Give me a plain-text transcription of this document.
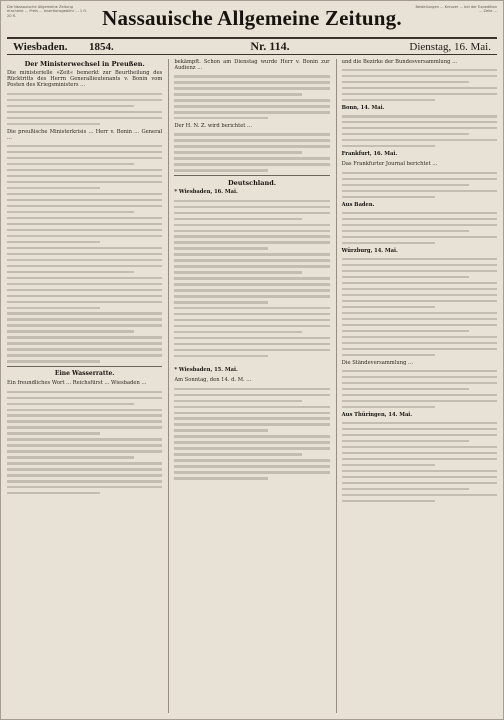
Die Nassauische Allgemeine Zeitung erscheint ... Preis ... Insertionsgebühr ... 1 fl. 20 fl.	Nassauische Allgemeine Zeitung.	Bestellungen ... Kreuzer ... bei der Expedition ... Zeile ...
Wiesbaden.	1854.	Nr. 114.	Dienstag, 16. Mai.
Der Ministerwechsel in Preußen.
Die ministerielle »Zeit« bemerkt zur Beurtheilung des Rücktritts des Herrn Generallieutenants v. Bonin vom Posten des Kriegsministers ...
Die preußische Ministerkrisis ... Herr v. Bonin ... General ...
Eine Wasserratte.
Ein freundliches Wort ... Reichsfürst ... Wiesbaden ...
bekämpft. Schon am Dienstag wurde Herr v. Bonin zur Audienz ...
Der H. N. Z. wird berichtet ...
Deutschland.
* Wiesbaden, 16. Mai.
* Wiesbaden, 15. Mai.
Am Sonntag, den 14. d. M. ...
und die Bezirke der Bundesversammlung ...
Bonn, 14. Mai.
Frankfurt, 16. Mai.
Das Frankfurter Journal berichtet ...
Aus Baden.
Würzburg, 14. Mai.
Die Ständeversammlung ...
Aus Thüringen, 14. Mai.
